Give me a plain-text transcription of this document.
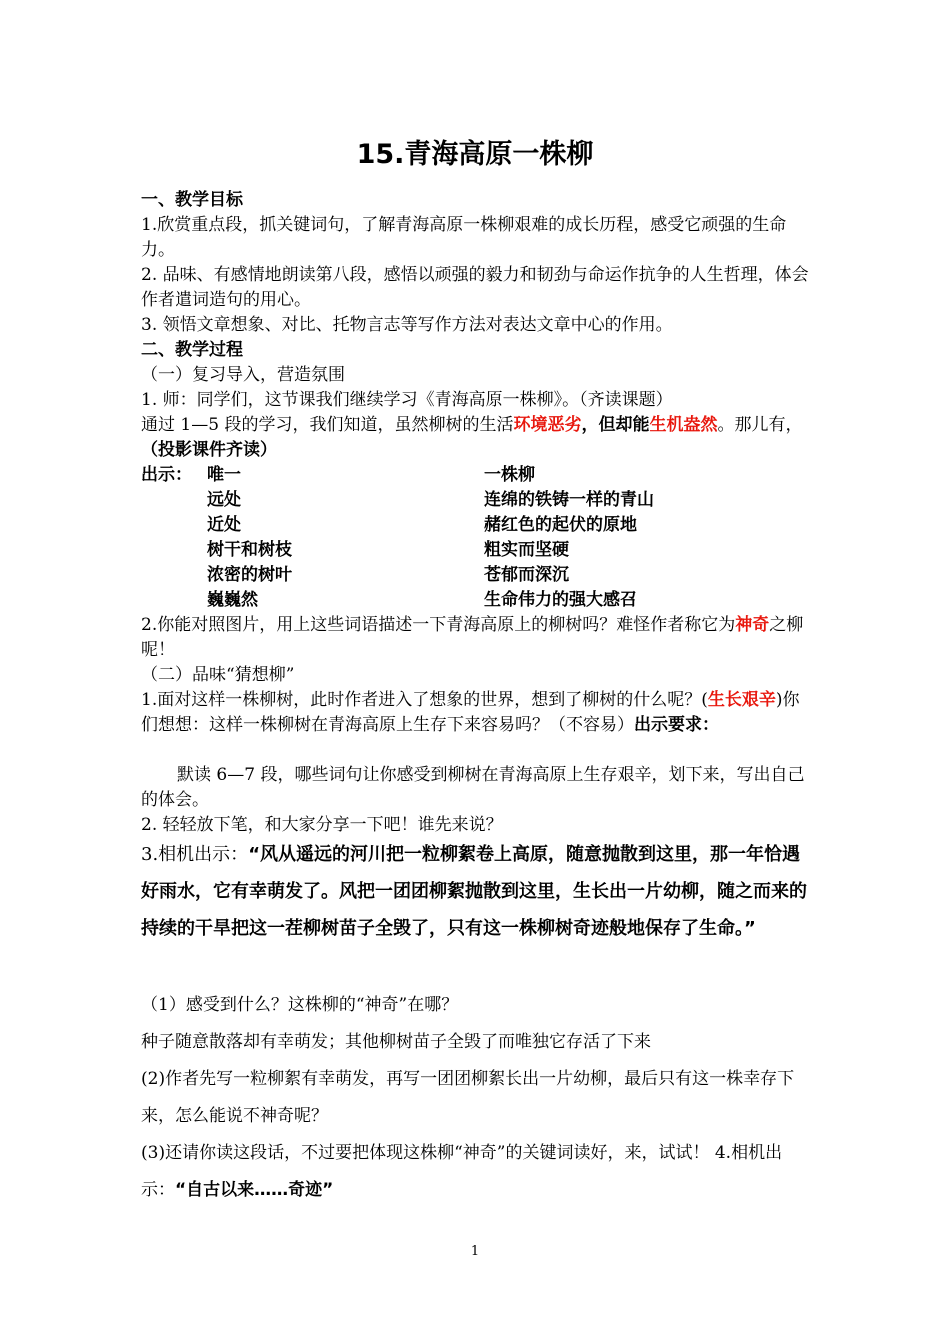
15.青海高原一株柳
一、教学目标
1.欣赏重点段，抓关键词句，了解青海高原一株柳艰难的成长历程，感受它顽强的生命力。
2. 品味、有感情地朗读第八段，感悟以顽强的毅力和韧劲与命运作抗争的人生哲理，体会作者遣词造句的用心。
3. 领悟文章想象、对比、托物言志等写作方法对表达文章中心的作用。
二、教学过程
（一）复习导入，营造氛围
1. 师：同学们，这节课我们继续学习《青海高原一株柳》。（齐读课题）
通过 1—5 段的学习，我们知道，虽然柳树的生活环境恶劣，但却能生机盎然。那儿有，（投影课件齐读）
出示： 唯一	一株柳
远处	连绵的铁铸一样的青山
近处	赭红色的起伏的原地
树干和树枝	粗实而坚硬
浓密的树叶	苍郁而深沉
巍巍然	生命伟力的强大感召
2.你能对照图片，用上这些词语描述一下青海高原上的柳树吗？难怪作者称它为神奇之柳呢！
（二）品味“猜想柳”
1.面对这样一株柳树，此时作者进入了想象的世界，想到了柳树的什么呢？(生长艰辛)你们想想：这样一株柳树在青海高原上生存下来容易吗？（不容易）出示要求：
默读 6—7 段，哪些词句让你感受到柳树在青海高原上生存艰辛，划下来，写出自己的体会。
2. 轻轻放下笔，和大家分享一下吧！谁先来说？
3.相机出示：“风从遥远的河川把一粒柳絮卷上高原，随意抛散到这里，那一年恰遇好雨水，它有幸萌发了。风把一团团柳絮抛散到这里，生长出一片幼柳，随之而来的持续的干旱把这一茬柳树苗子全毁了，只有这一株柳树奇迹般地保存了生命。”
（1）感受到什么？这株柳的“神奇”在哪？
种子随意散落却有幸萌发；其他柳树苗子全毁了而唯独它存活了下来
(2)作者先写一粒柳絮有幸萌发，再写一团团柳絮长出一片幼柳，最后只有这一株幸存下来，怎么能说不神奇呢？
(3)还请你读这段话，不过要把体现这株柳“神奇”的关键词读好，来，试试！ 4.相机出示：“自古以来……奇迹”
1
